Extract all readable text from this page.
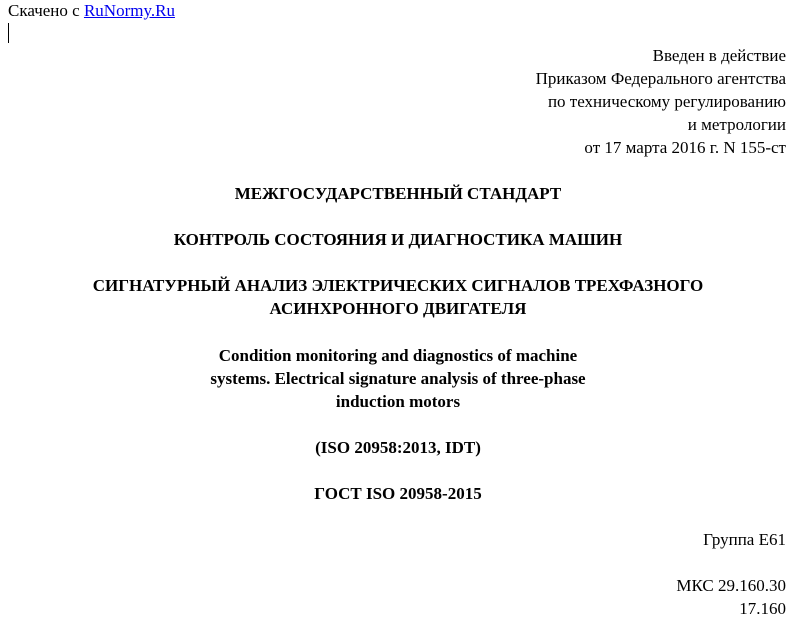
Скачено с RuNormy.Ru
Введен в действие
Приказом Федерального агентства
по техническому регулированию
и метрологии
от 17 марта 2016 г. N 155-ст
МЕЖГОСУДАРСТВЕННЫЙ СТАНДАРТ
КОНТРОЛЬ СОСТОЯНИЯ И ДИАГНОСТИКА МАШИН
СИГНАТУРНЫЙ АНАЛИЗ ЭЛЕКТРИЧЕСКИХ СИГНАЛОВ ТРЕХФАЗНОГО
АСИНХРОННОГО ДВИГАТЕЛЯ
Condition monitoring and diagnostics of machine
systems. Electrical signature analysis of three-phase
induction motors
(ISO 20958:2013, IDT)
ГОСТ ISO 20958-2015
Группа Е61
МКС 29.160.30
17.160
